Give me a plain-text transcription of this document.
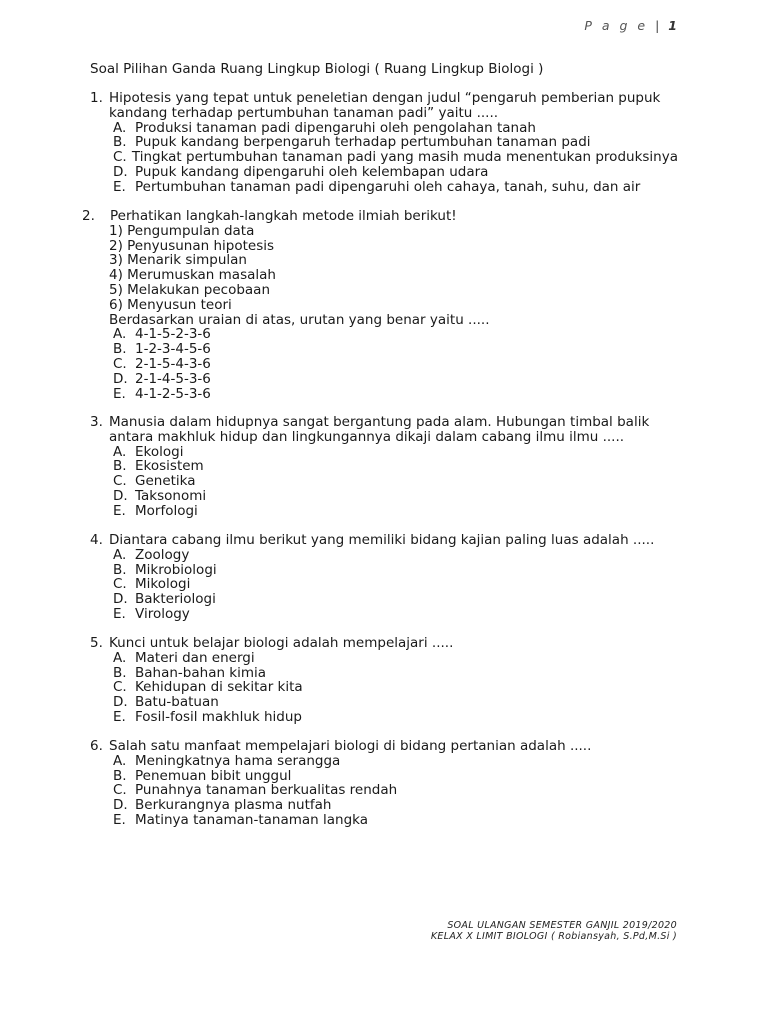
P a g e | 1
Soal Pilihan Ganda Ruang Lingkup Biologi ( Ruang Lingkup Biologi )
1. Hipotesis yang tepat untuk peneletian dengan judul “pengaruh pemberian pupuk
kandang terhadap pertumbuhan tanaman padi” yaitu .....
A. Produksi tanaman padi dipengaruhi oleh pengolahan tanah
B. Pupuk kandang berpengaruh terhadap pertumbuhan tanaman padi
C. Tingkat pertumbuhan tanaman padi yang masih muda menentukan produksinya
D. Pupuk kandang dipengaruhi oleh kelembapan udara
E. Pertumbuhan tanaman padi dipengaruhi oleh cahaya, tanah, suhu, dan air
2.	Perhatikan langkah-langkah metode ilmiah berikut!
1) Pengumpulan data
2) Penyusunan hipotesis
3) Menarik simpulan
4) Merumuskan masalah
5) Melakukan pecobaan
6) Menyusun teori
Berdasarkan uraian di atas, urutan yang benar yaitu .....
A. 4-1-5-2-3-6
B. 1-2-3-4-5-6
C. 2-1-5-4-3-6
D. 2-1-4-5-3-6
E. 4-1-2-5-3-6
3. Manusia dalam hidupnya sangat bergantung pada alam. Hubungan timbal balik
antara makhluk hidup dan lingkungannya dikaji dalam cabang ilmu ilmu .....
A. Ekologi
B. Ekosistem
C. Genetika
D. Taksonomi
E. Morfologi
4. Diantara cabang ilmu berikut yang memiliki bidang kajian paling luas adalah .....
A. Zoology
B. Mikrobiologi
C. Mikologi
D. Bakteriologi
E. Virology
5. Kunci untuk belajar biologi adalah mempelajari .....
A. Materi dan energi
B. Bahan-bahan kimia
C. Kehidupan di sekitar kita
D. Batu-batuan
E. Fosil-fosil makhluk hidup
6. Salah satu manfaat mempelajari biologi di bidang pertanian adalah .....
A. Meningkatnya hama serangga
B. Penemuan bibit unggul
C. Punahnya tanaman berkualitas rendah
D. Berkurangnya plasma nutfah
E. Matinya tanaman-tanaman langka
SOAL ULANGAN SEMESTER GANJIL 2019/2020
KELAX X LIMIT BIOLOGI ( Robiansyah, S.Pd,M.Si )
